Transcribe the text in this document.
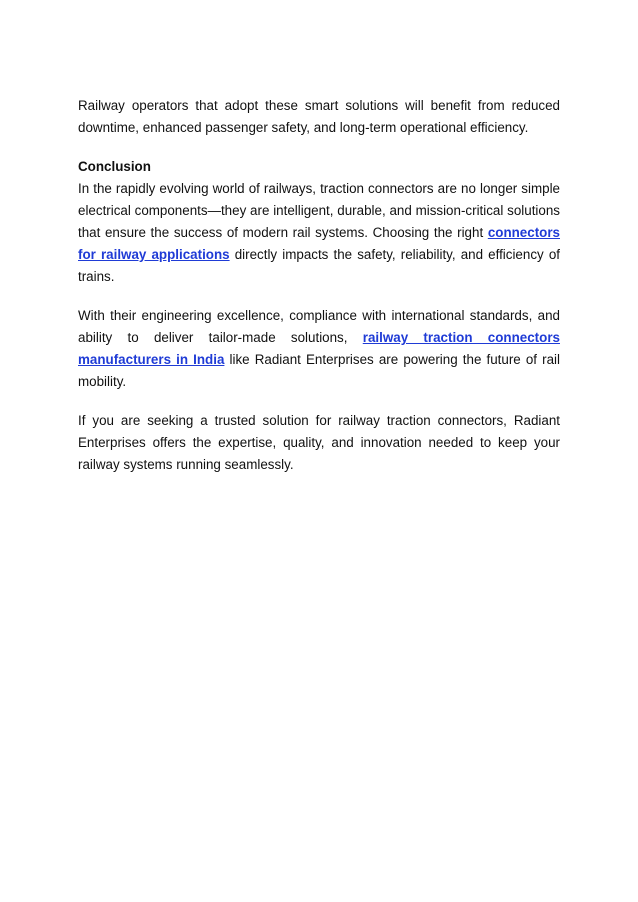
Railway operators that adopt these smart solutions will benefit from reduced downtime, enhanced passenger safety, and long-term operational efficiency.

Conclusion

In the rapidly evolving world of railways, traction connectors are no longer simple electrical components—they are intelligent, durable, and mission-critical solutions that ensure the success of modern rail systems. Choosing the right connectors for railway applications directly impacts the safety, reliability, and efficiency of trains.

With their engineering excellence, compliance with international standards, and ability to deliver tailor-made solutions, railway traction connectors manufacturers in India like Radiant Enterprises are powering the future of rail mobility.

If you are seeking a trusted solution for railway traction connectors, Radiant Enterprises offers the expertise, quality, and innovation needed to keep your railway systems running seamlessly.
